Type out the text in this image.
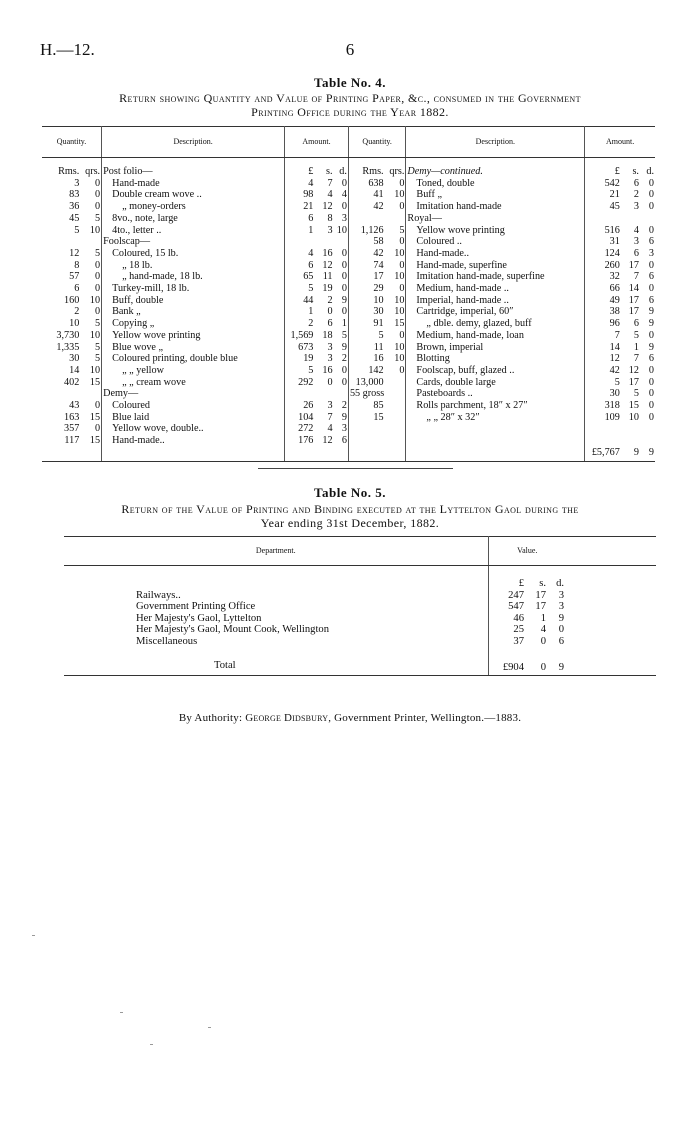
H.—12.	6
Table No. 4.
Return showing Quantity and Value of Printing Paper, &c., consumed in the Government
Printing Office during the Year 1882.
Quantity.		Description.	Amount.			Quantity.		Description.	Amount.		

Rms.	qrs.	Post folio—	£	s.	d.	Rms.	qrs.	Demy—continued.	£	s.	d.
3	0	Hand-made	4	7	0	638	0	Toned, double	542	6	0
83	0	Double cream wove ..	98	4	4	41	10	Buff „	21	2	0
36	0	„ money-orders	21	12	0	42	0	Imitation hand-made	45	3	0
45	5	8vo., note, large	6	8	3			Royal—			
5	10	4to., letter ..	1	3	10	1,126	5	Yellow wove printing	516	4	0
		Foolscap—				58	0	Coloured ..	31	3	6
12	5	Coloured, 15 lb.	4	16	0	42	10	Hand-made..	124	6	3
8	0	„ 18 lb.	6	12	0	74	0	Hand-made, superfine	260	17	0
57	0	„ hand-made, 18 lb.	65	11	0	17	10	Imitation hand-made, superfine	32	7	6
6	0	Turkey-mill, 18 lb.	5	19	0	29	0	Medium, hand-made ..	66	14	0
160	10	Buff, double	44	2	9	10	10	Imperial, hand-made ..	49	17	6
2	0	Bank „	1	0	0	30	10	Cartridge, imperial, 60″	38	17	9
10	5	Copying „	2	6	1	91	15	„ dble. demy, glazed, buff	96	6	9
3,730	10	Yellow wove printing	1,569	18	5	5	0	Medium, hand-made, loan	7	5	0
1,335	5	Blue wove „	673	3	9	11	10	Brown, imperial	14	1	9
30	5	Coloured printing, double blue	19	3	2	16	10	Blotting	12	7	6
14	10	„ „ yellow	5	16	0	142	0	Foolscap, buff, glazed ..	42	12	0
402	15	„ „ cream wove	292	0	0	13,000		Cards, double large	5	17	0
		Demy—				55 gross		Pasteboards ..	30	5	0
43	0	Coloured	26	3	2	85		Rolls parchment, 18″ x 27″	318	15	0
163	15	Blue laid	104	7	9	15		„ „ 28″ x 32″	109	10	0
357	0	Yellow wove, double..	272	4	3						
117	15	Hand-made..	176	12	6						
									£5,767	9	9
Table No. 5.
Return of the Value of Printing and Binding executed at the Lyttelton Gaol during the
Year ending 31st December, 1882.
Department.		Value.			

		£	s.	d.	
Railways..		247	17	3	
Government Printing Office		547	17	3	
Her Majesty's Gaol, Lyttelton		46	1	9	
Her Majesty's Gaol, Mount Cook, Wellington		25	4	0	
Miscellaneous		37	0	6	

Total		£904	0	9	
By Authority: George Didsbury, Government Printer, Wellington.—1883.
